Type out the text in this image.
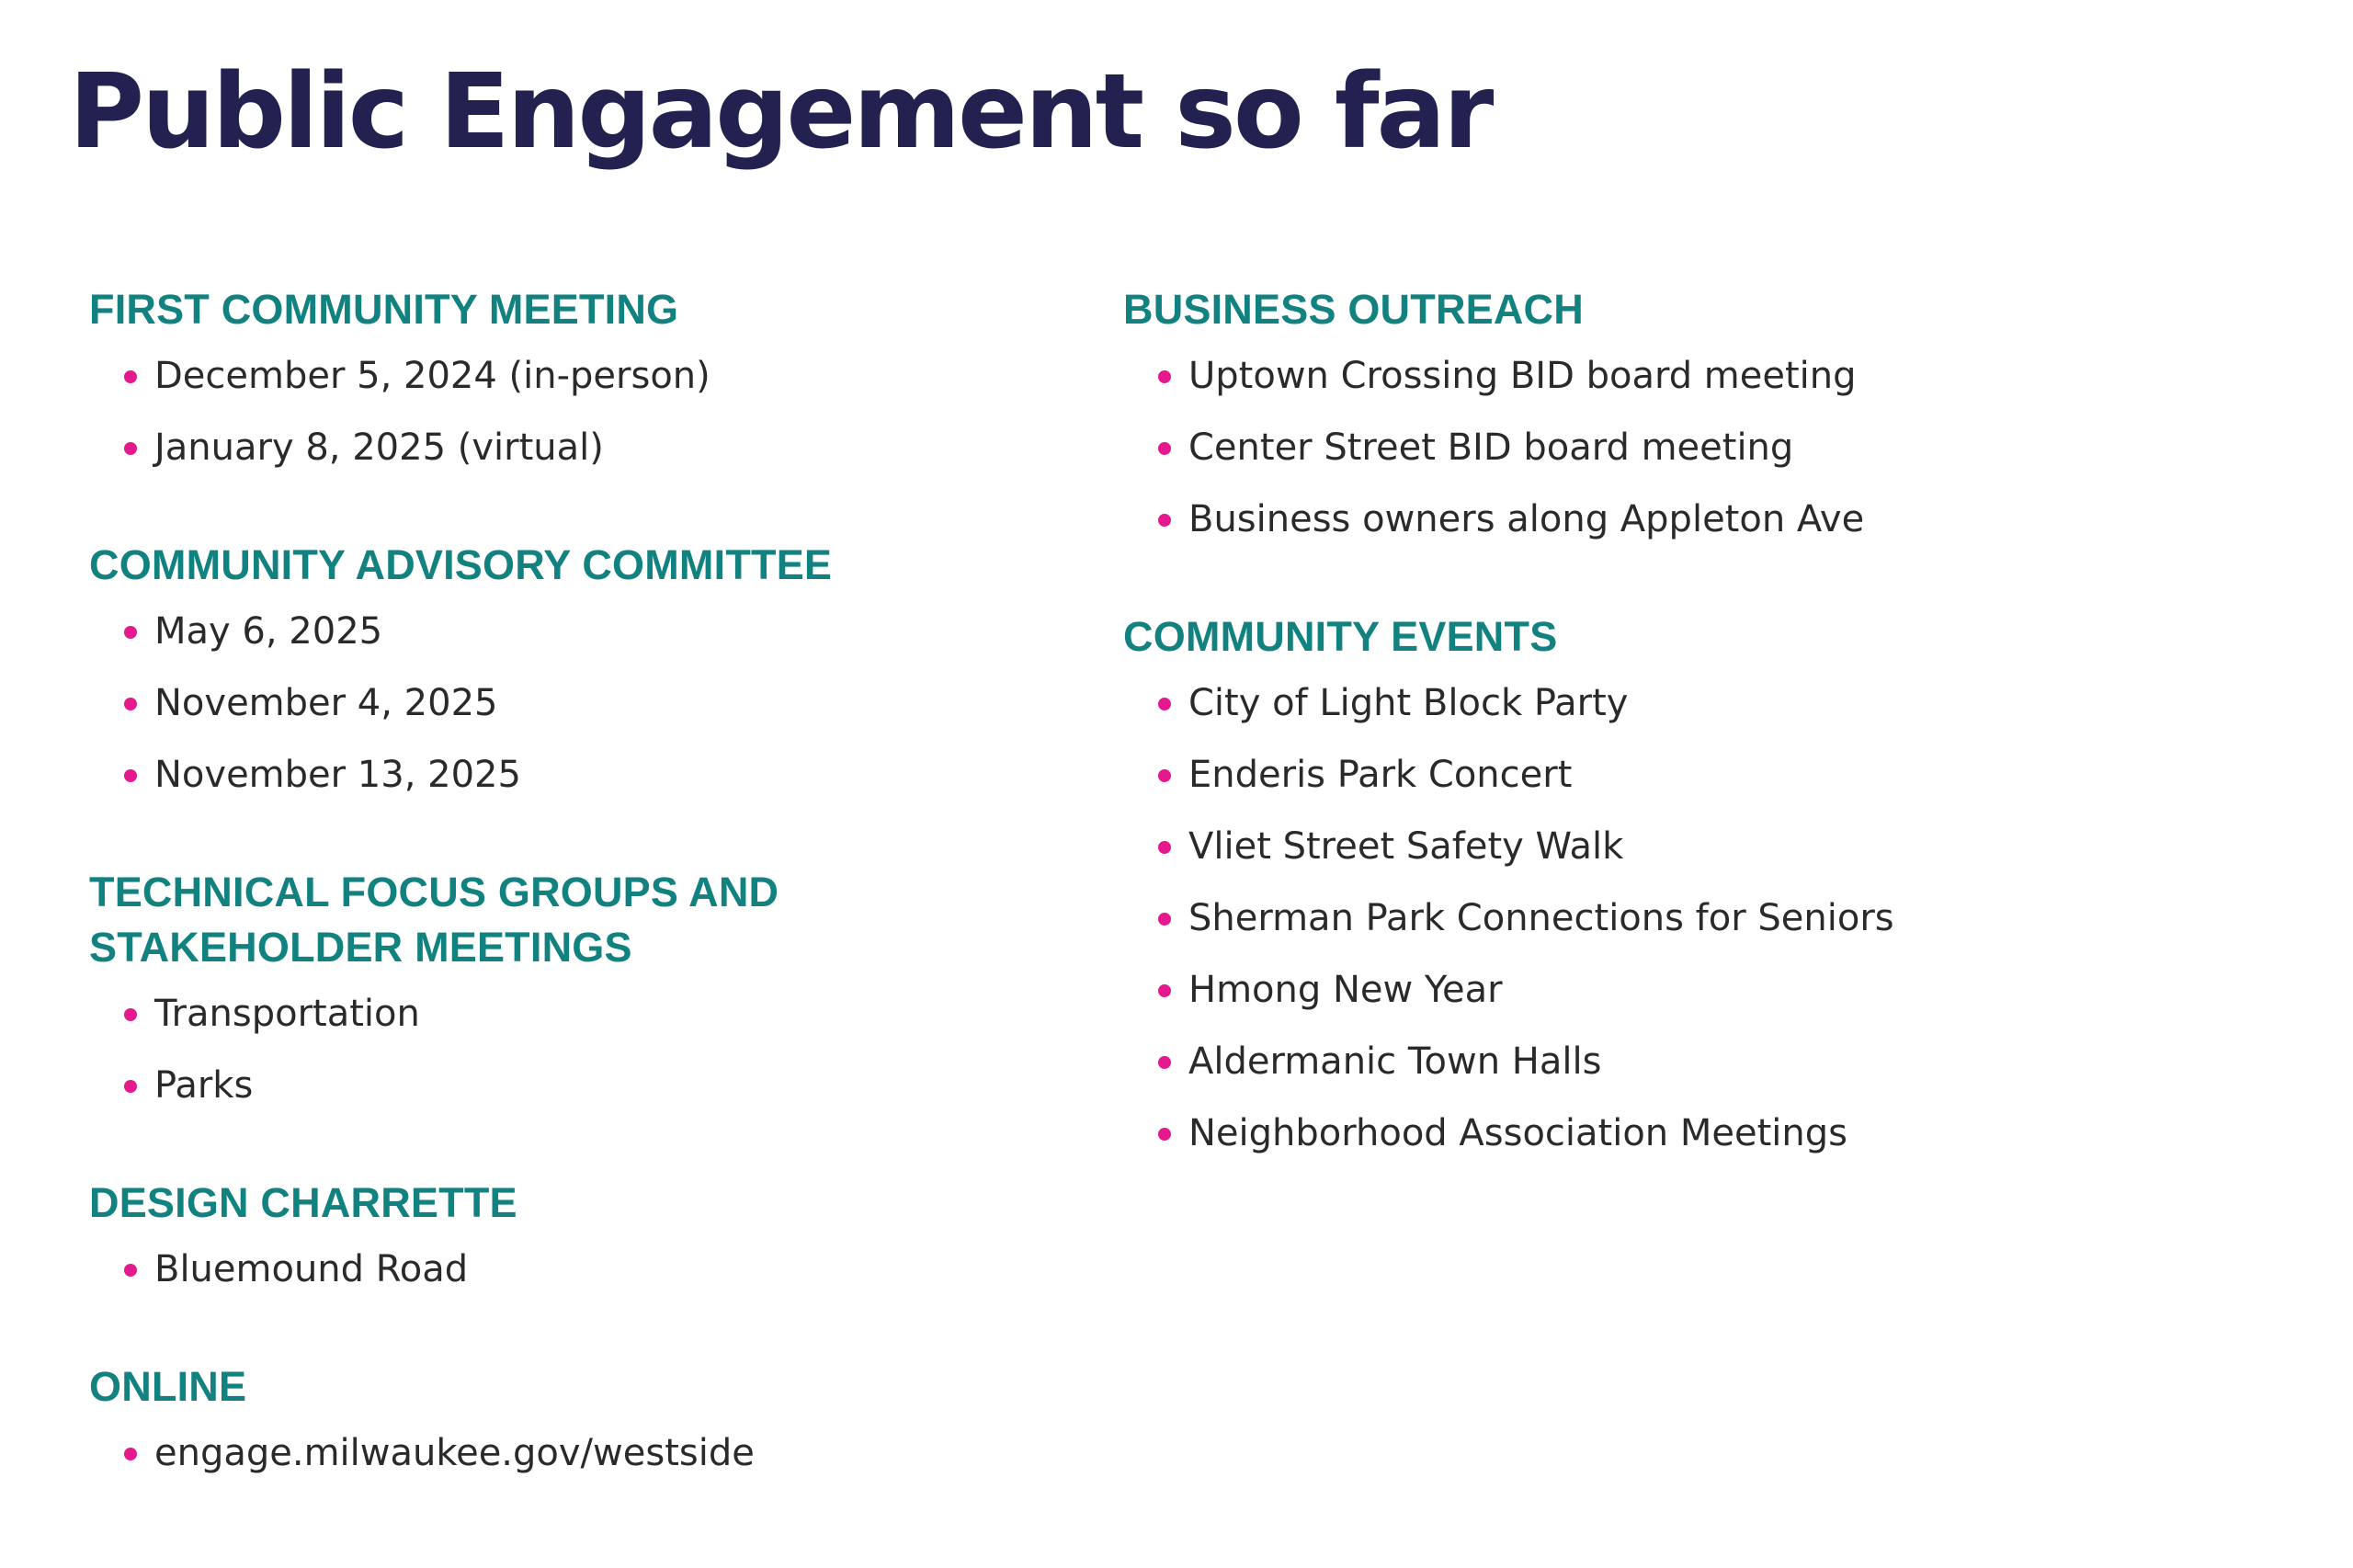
Public Engagement so far
FIRST COMMUNITY MEETING
December 5, 2024 (in-person)
January 8, 2025 (virtual)
COMMUNITY ADVISORY COMMITTEE
May 6, 2025
November 4, 2025
November 13, 2025
TECHNICAL FOCUS GROUPS AND
STAKEHOLDER MEETINGS
Transportation
Parks
DESIGN CHARRETTE
Bluemound Road
ONLINE
engage.milwaukee.gov/westside
BUSINESS OUTREACH
Uptown Crossing BID board meeting
Center Street BID board meeting
Business owners along Appleton Ave
COMMUNITY EVENTS
City of Light Block Party
Enderis Park Concert
Vliet Street Safety Walk
Sherman Park Connections for Seniors
Hmong New Year
Aldermanic Town Halls
Neighborhood Association Meetings
